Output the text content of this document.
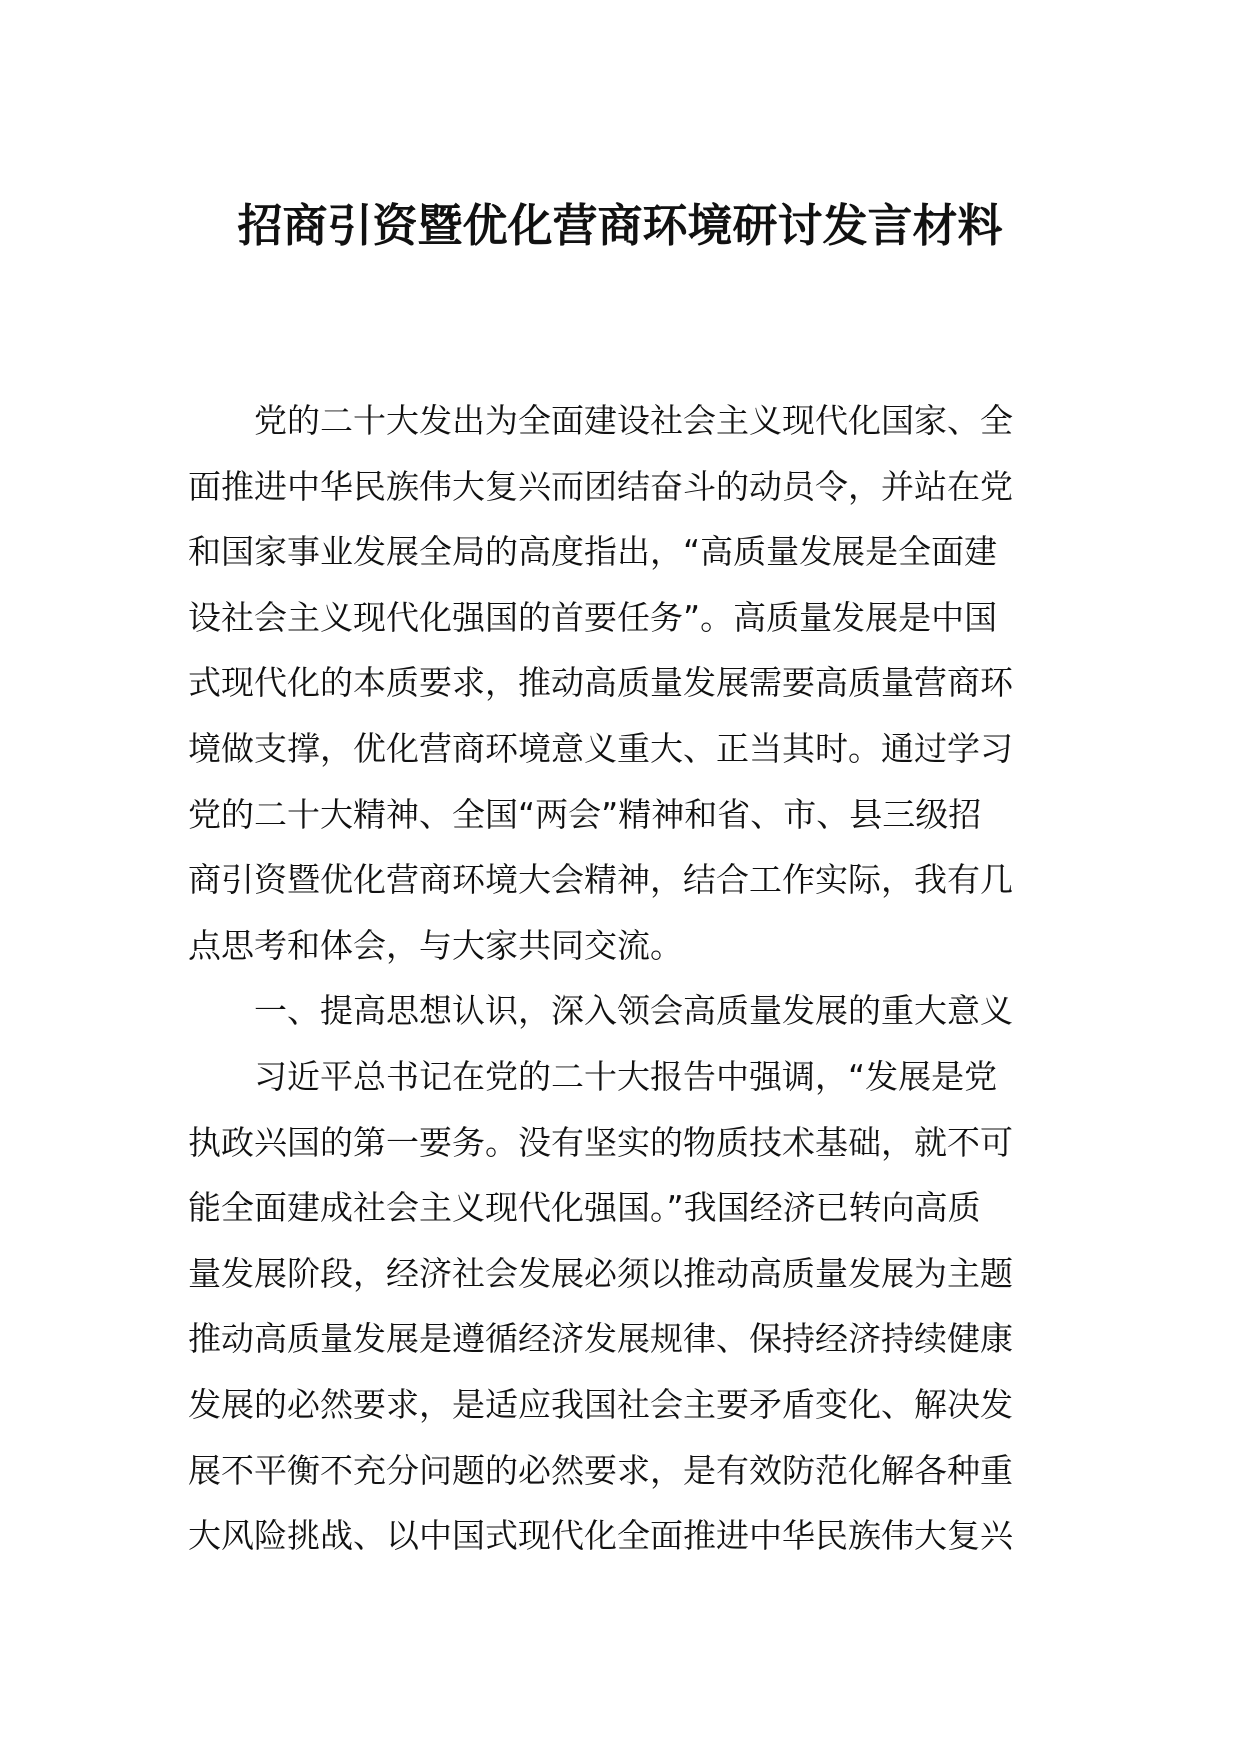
招商引资暨优化营商环境研讨发言材料
　　党的二十大发出为全面建设社会主义现代化国家、全
面推进中华民族伟大复兴而团结奋斗的动员令，并站在党
和国家事业发展全局的高度指出，“高质量发展是全面建
设社会主义现代化强国的首要任务”。高质量发展是中国
式现代化的本质要求，推动高质量发展需要高质量营商环
境做支撑，优化营商环境意义重大、正当其时。通过学习
党的二十大精神、全国“两会”精神和省、市、县三级招
商引资暨优化营商环境大会精神，结合工作实际，我有几
点思考和体会，与大家共同交流。
　　一、提高思想认识，深入领会高质量发展的重大意义
　　习近平总书记在党的二十大报告中强调，“发展是党
执政兴国的第一要务。没有坚实的物质技术基础，就不可
能全面建成社会主义现代化强国。”我国经济已转向高质
量发展阶段，经济社会发展必须以推动高质量发展为主题
推动高质量发展是遵循经济发展规律、保持经济持续健康
发展的必然要求，是适应我国社会主要矛盾变化、解决发
展不平衡不充分问题的必然要求，是有效防范化解各种重
大风险挑战、以中国式现代化全面推进中华民族伟大复兴
